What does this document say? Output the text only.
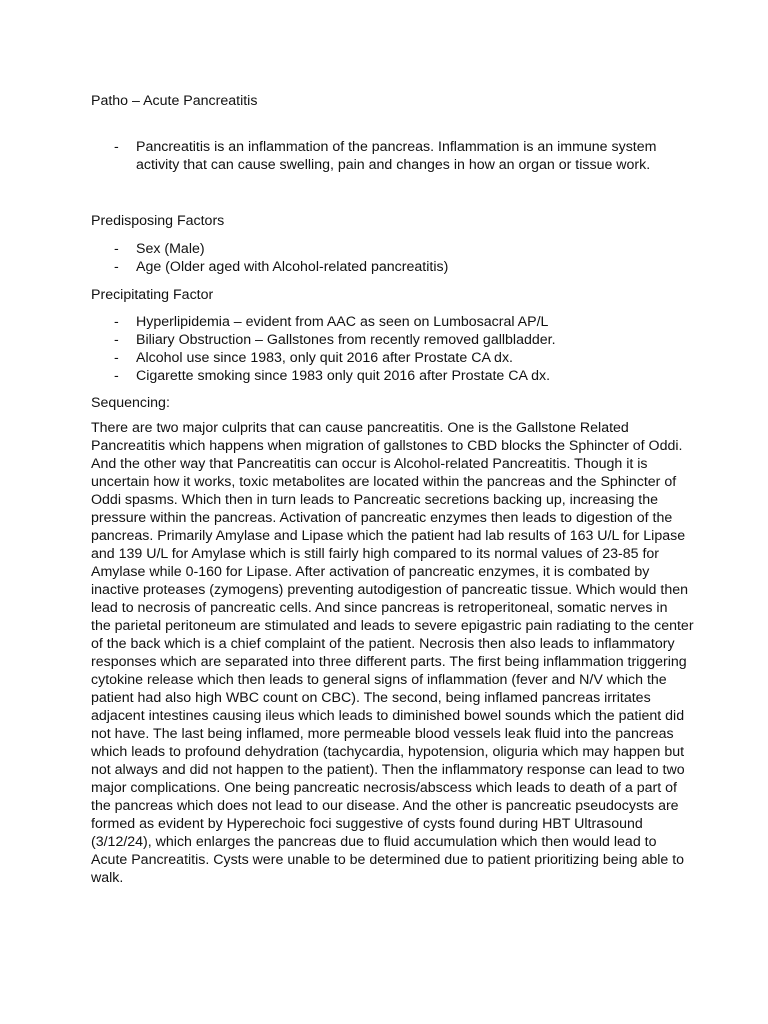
Patho – Acute Pancreatitis
- Pancreatitis is an inflammation of the pancreas. Inflammation is an immune system activity that can cause swelling, pain and changes in how an organ or tissue work.
Predisposing Factors
- Sex (Male)
- Age (Older aged with Alcohol-related pancreatitis)
Precipitating Factor
- Hyperlipidemia – evident from AAC as seen on Lumbosacral AP/L
- Biliary Obstruction – Gallstones from recently removed gallbladder.
- Alcohol use since 1983, only quit 2016 after Prostate CA dx.
- Cigarette smoking since 1983 only quit 2016 after Prostate CA dx.
Sequencing:
There are two major culprits that can cause pancreatitis. One is the Gallstone Related
Pancreatitis which happens when migration of gallstones to CBD blocks the Sphincter of Oddi.
And the other way that Pancreatitis can occur is Alcohol-related Pancreatitis. Though it is
uncertain how it works, toxic metabolites are located within the pancreas and the Sphincter of
Oddi spasms. Which then in turn leads to Pancreatic secretions backing up, increasing the
pressure within the pancreas. Activation of pancreatic enzymes then leads to digestion of the
pancreas. Primarily Amylase and Lipase which the patient had lab results of 163 U/L for Lipase
and 139 U/L for Amylase which is still fairly high compared to its normal values of 23-85 for
Amylase while 0-160 for Lipase. After activation of pancreatic enzymes, it is combated by
inactive proteases (zymogens) preventing autodigestion of pancreatic tissue. Which would then
lead to necrosis of pancreatic cells. And since pancreas is retroperitoneal, somatic nerves in
the parietal peritoneum are stimulated and leads to severe epigastric pain radiating to the center
of the back which is a chief complaint of the patient. Necrosis then also leads to inflammatory
responses which are separated into three different parts. The first being inflammation triggering
cytokine release which then leads to general signs of inflammation (fever and N/V which the
patient had also high WBC count on CBC). The second, being inflamed pancreas irritates
adjacent intestines causing ileus which leads to diminished bowel sounds which the patient did
not have. The last being inflamed, more permeable blood vessels leak fluid into the pancreas
which leads to profound dehydration (tachycardia, hypotension, oliguria which may happen but
not always and did not happen to the patient). Then the inflammatory response can lead to two
major complications. One being pancreatic necrosis/abscess which leads to death of a part of
the pancreas which does not lead to our disease. And the other is pancreatic pseudocysts are
formed as evident by Hyperechoic foci suggestive of cysts found during HBT Ultrasound
(3/12/24), which enlarges the pancreas due to fluid accumulation which then would lead to
Acute Pancreatitis. Cysts were unable to be determined due to patient prioritizing being able to
walk.
